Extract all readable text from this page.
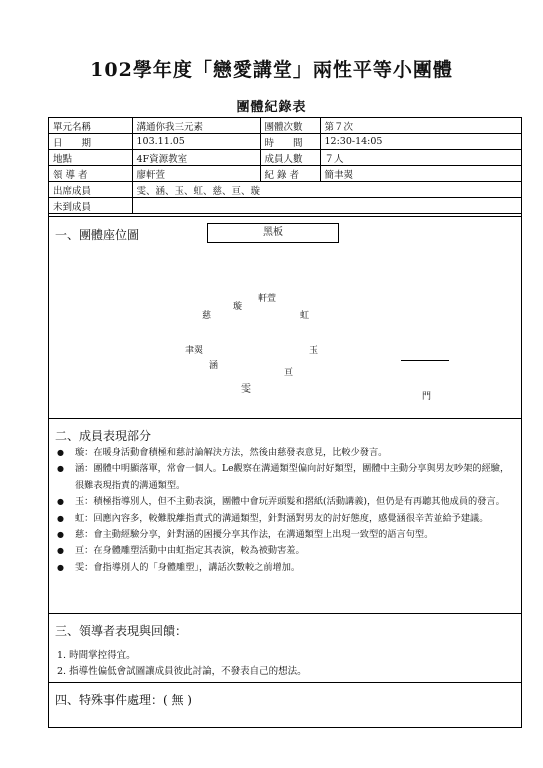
102學年度「戀愛講堂」兩性平等小團體
團體紀錄表
單元名稱	溝通你我三元素	團體次數	第７次
日　　期	103.11.05	時　　間	12:30-14:05
地點	4F資源教室	成員人數	７人
領 導 者	廖軒萱	紀 錄 者	簡聿翜
出席成員	雯、涵、玉、虹、慈、亘、璇		
未到成員			
一、團體座位圖	黑板
軒萱
璇
慈	虹
聿翜	玉
涵
亘
雯
門
二、成員表現部分
● 璇：在暖身活動會積極和慈討論解決方法，然後由慈發表意見，比較少發言。
● 涵：團體中明顯落單，常會一個人。Le觀察在溝通類型偏向討好類型，團體中主動分享與男友吵架的經驗，很難表現指責的溝通類型。
● 玉：積極指導別人，但不主動表演，團體中會玩弄頭髮和摺紙(活動講義)，但仍是有再聽其他成員的發言。
● 虹：回應內容多，較難脫離指責式的溝通類型，針對涵對男友的討好態度，感覺涵很辛苦並給予建議。
● 慈：會主動經驗分享，針對涵的困擾分享其作法，在溝通類型上出現一致型的語言句型。
● 亘：在身體雕塑活動中由虹指定其表演，較為被動害羞。
● 雯：會指導別人的「身體雕塑」，講話次數較之前增加。
三、領導者表現與回饋：
1. 時間掌控得宜。
2. 指導性偏低會試圖讓成員彼此討論，不發表自己的想法。
四、特殊事件處理：( 無 )
